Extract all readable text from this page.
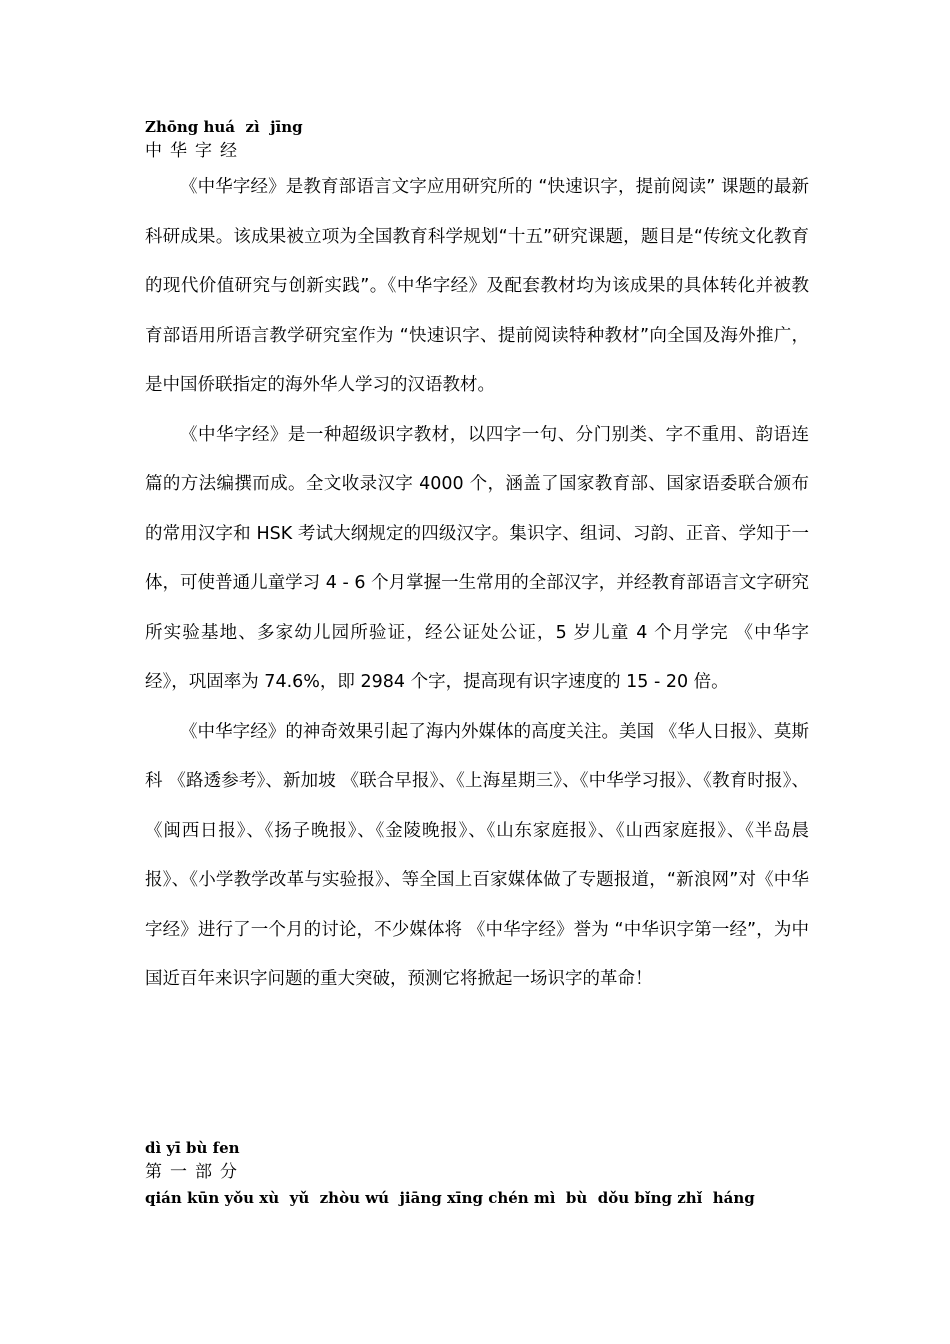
Zhōng huá  zì  jīng
中华字经

《中华字经》是教育部语言文字应用研究所的 “快速识字，提前阅读” 课题的最新科研成果。该成果被立项为全国教育科学规划“十五”研究课题，题目是“传统文化教育的现代价值研究与创新实践”。《中华字经》及配套教材均为该成果的具体转化并被教育部语用所语言教学研究室作为 “快速识字、提前阅读特种教材”向全国及海外推广，是中国侨联指定的海外华人学习的汉语教材。

《中华字经》是一种超级识字教材，以四字一句、分门别类、字不重用、韵语连篇的方法编撰而成。全文收录汉字 4000 个，涵盖了国家教育部、国家语委联合颁布的常用汉字和 HSK 考试大纲规定的四级汉字。集识字、组词、习韵、正音、学知于一体，可使普通儿童学习 4 - 6 个月掌握一生常用的全部汉字，并经教育部语言文字研究所实验基地、多家幼儿园所验证，经公证处公证，5 岁儿童 4 个月学完 《中华字经》，巩固率为 74.6%，即 2984 个字，提高现有识字速度的 15 - 20 倍。

《中华字经》的神奇效果引起了海内外媒体的高度关注。美国 《华人日报》、莫斯科 《路透参考》、新加坡 《联合早报》、《上海星期三》、《中华学习报》、《教育时报》、《闽西日报》、《扬子晚报》、《金陵晚报》、《山东家庭报》、《山西家庭报》、《半岛晨报》、《小学教学改革与实验报》、等全国上百家媒体做了专题报道，“新浪网”对《中华字经》进行了一个月的讨论，不少媒体将 《中华字经》誉为 “中华识字第一经”，为中国近百年来识字问题的重大突破，预测它将掀起一场识字的革命！

dì yī bù fen
第一部分
qián kūn yǒu xù  yǔ  zhòu wú  jiāng xīng chén mì  bù  dǒu bǐng zhǐ  háng
